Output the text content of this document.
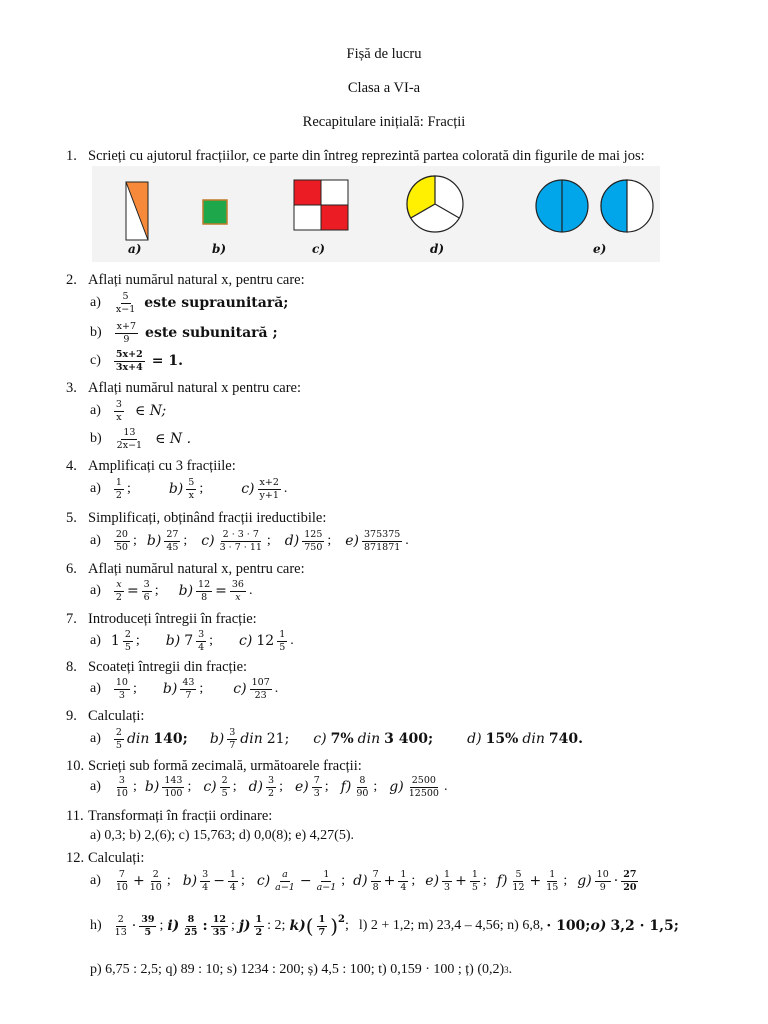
Fișă de lucru
Clasa a VI-a
Recapitulare inițială: Fracții
1. Scrieți cu ajutorul fracțiilor, ce parte din întreg reprezintă partea colorată din figurile de mai jos:
a)	b)	c)	d)	e)
2. Aflați numărul natural x, pentru care:
$a) \frac{5}{x-1}$ este supraunitară;
$b) \frac{x+7}{9}$ este subunitară ;
$c) \frac{5x+2}{3x+4} = 1$.
3. Aflați numărul natural x pentru care:
$a) \frac{3}{x}$ ∈ N;
$b) \frac{13}{2x-1}$ ∈ N .
4. Amplificați cu 3 fracțiile:
$a) \frac{1}{2}$ ;	$b) \frac{5}{x}$ ;	$c) \frac{x+2}{y+1}$ .
5. Simplificați, obținând fracții ireductibile:
$a) \frac{20}{50}$ ; $b) \frac{27}{45}$ ; $c) \frac{2 \cdot 3 \cdot 7}{3 \cdot 7 \cdot 11}$ ; $d) \frac{125}{750}$ ; $e) \frac{375375}{871871}$ .
6. Aflați numărul natural x, pentru care:
$a) \frac{x}{2} = \frac{3}{6}$ ; $b) \frac{12}{8} = \frac{36}{x}$ .
7. Introduceți întregii în fracție:
a) $1 \frac{2}{5}$ ; b) $7 \frac{3}{4}$ ; c) $12 \frac{1}{5}$ .
8. Scoateți întregii din fracție:
$a) \frac{10}{3}$ ; $b) \frac{43}{7}$ ; $c) \frac{107}{23}$ .
9. Calculați:
$a) \frac{2}{5}$ din 140; $b) \frac{3}{7}$ din 21; c) 7% din 3 400; d) 15% din 740.
10. Scrieți sub formă zecimală, următoarele fracții:
$a) \frac{3}{10}$ ; $b) \frac{143}{100}$ ; $c) \frac{2}{5}$ ; $d) \frac{3}{2}$ ; $e) \frac{7}{3}$ ; $f) \frac{8}{90}$ ; $g) \frac{2500}{12500}$ .
11. Transformați în fracții ordinare:
a) 0,3; b) 2,(6); c) 15,763; d) 0,0(8); e) 4,27(5).
12. Calculați:
$a) \frac{7}{10} + \frac{2}{10}$ ; $b) \frac{3}{4} - \frac{1}{4}$ ; $c) \frac{a}{a-1} - \frac{1}{a-1}$ ; $d) \frac{7}{8} + \frac{1}{4}$ ; $e) \frac{1}{3} + \frac{1}{5}$ ; $f) \frac{5}{12} + \frac{1}{15}$ ; $g) \frac{10}{9} \cdot \frac{27}{20}$
$h) \frac{2}{13} \cdot \frac{39}{5}$ ; $i) \frac{8}{25}$ : $\frac{12}{35}$ ; $j) \frac{1}{2}$ : 2; k) ( $\frac{1}{7} )^2$ ; l) 2 + 1,2; m) 23,4 – 4,56; n) 6,8, · 100; o) 3,2 · 1,5;
p) 6,75 : 2,5; q) 89 : 10; s) 1234 : 200; ș) 4,5 : 100; t) 0,159 · 100 ; ț) (0,2) 3 .
